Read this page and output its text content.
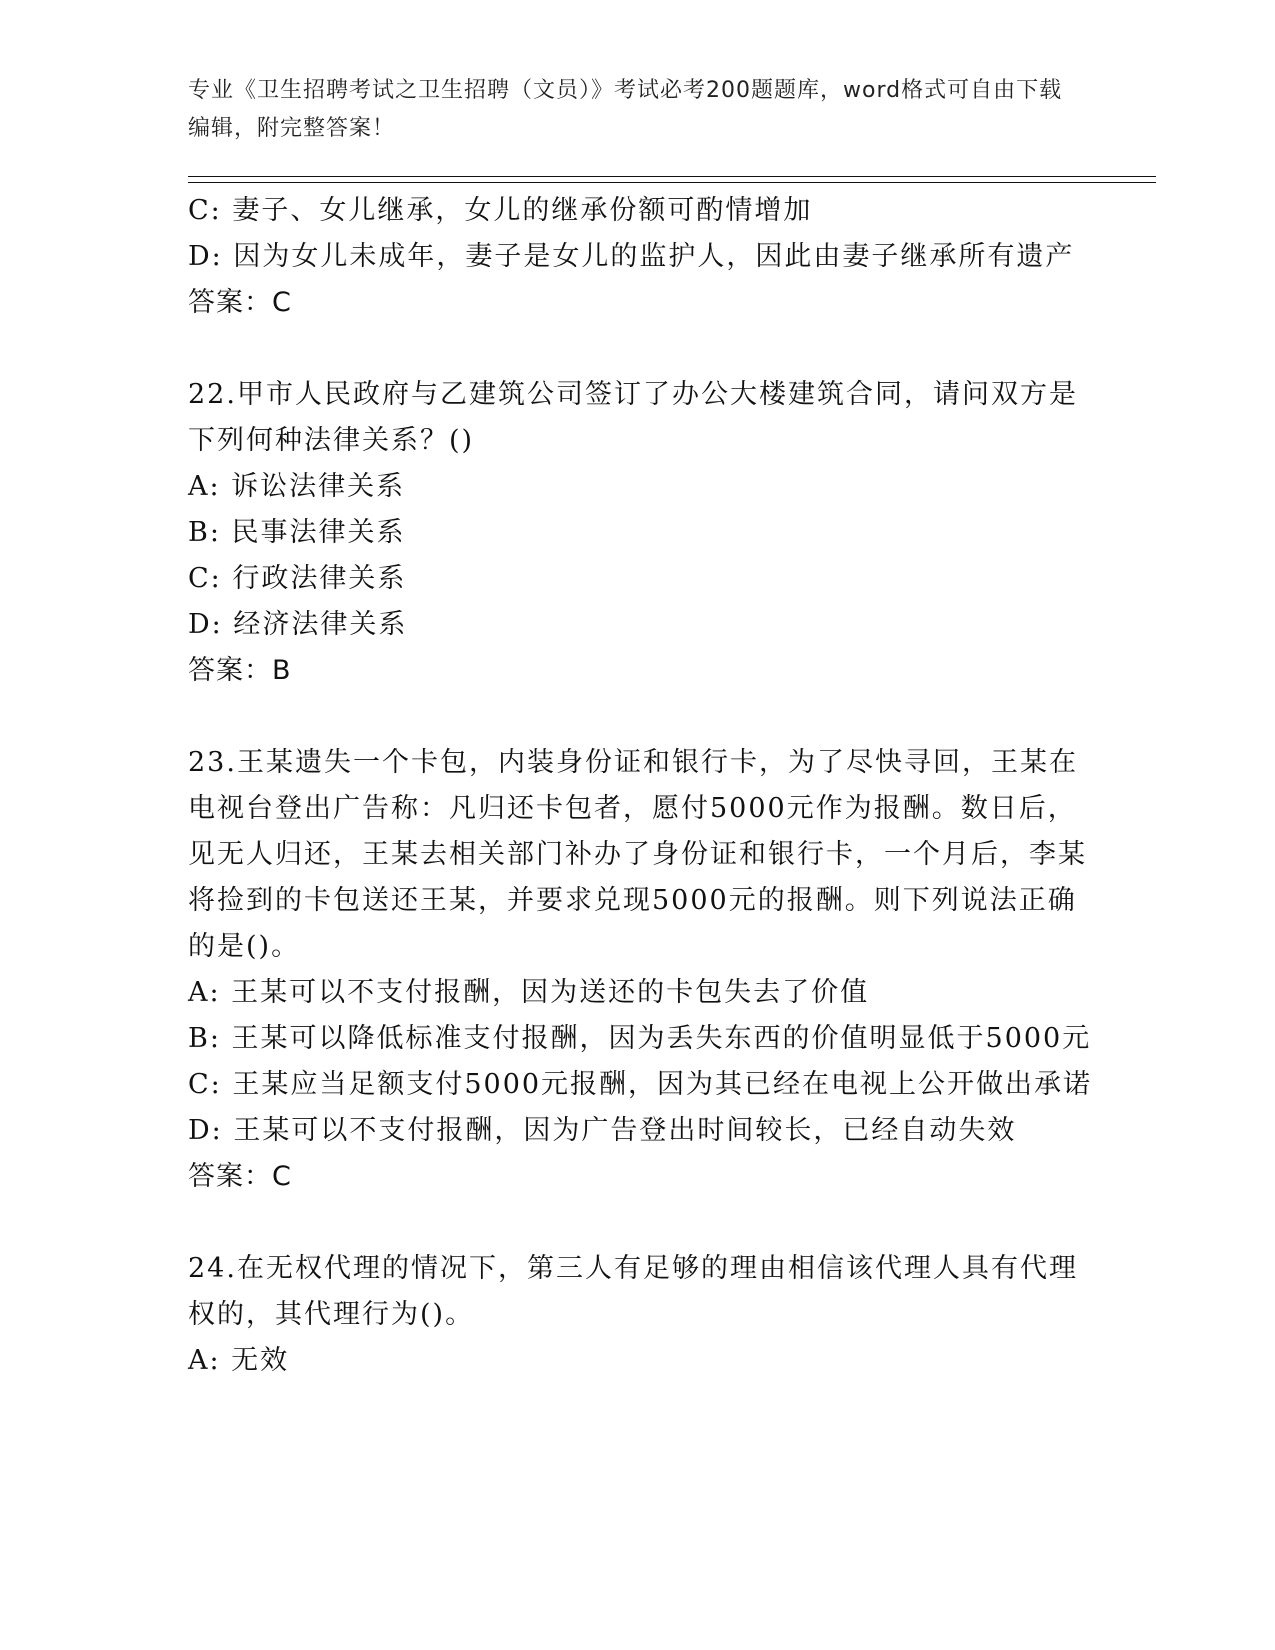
专业《卫生招聘考试之卫生招聘（文员）》考试必考200题题库，word格式可自由下载编辑，附完整答案！
C: 妻子、女儿继承，女儿的继承份额可酌情增加
D: 因为女儿未成年，妻子是女儿的监护人，因此由妻子继承所有遗产
答案：C
22.甲市人民政府与乙建筑公司签订了办公大楼建筑合同，请问双方是下列何种法律关系？()
A: 诉讼法律关系
B: 民事法律关系
C: 行政法律关系
D: 经济法律关系
答案：B
23.王某遗失一个卡包，内装身份证和银行卡，为了尽快寻回，王某在电视台登出广告称：凡归还卡包者，愿付5000元作为报酬。数日后，见无人归还，王某去相关部门补办了身份证和银行卡，一个月后，李某将捡到的卡包送还王某，并要求兑现5000元的报酬。则下列说法正确的是()。
A: 王某可以不支付报酬，因为送还的卡包失去了价值
B: 王某可以降低标准支付报酬，因为丢失东西的价值明显低于5000元
C: 王某应当足额支付5000元报酬，因为其已经在电视上公开做出承诺
D: 王某可以不支付报酬，因为广告登出时间较长，已经自动失效
答案：C
24.在无权代理的情况下，第三人有足够的理由相信该代理人具有代理权的，其代理行为()。
A: 无效
